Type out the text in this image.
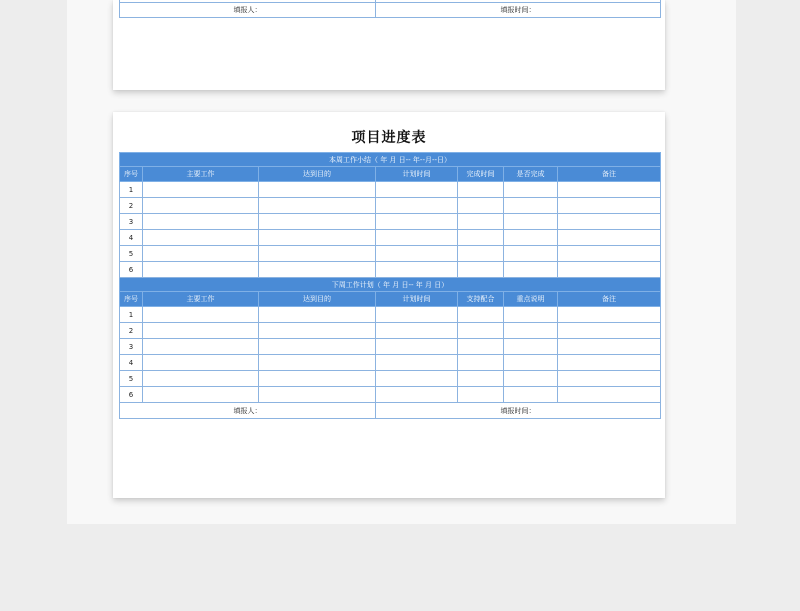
填报人：	填报时间：
项目进度表
本周工作小结（ 年 月 日-- 年--月--日）						
序号	主要工作	达到目的	计划时间	完成时间	是否完成	备注
1						
2						
3						
4						
5						
6						
下周工作计划（ 年 月 日-- 年 月 日）						
序号	主要工作	达到目的	计划时间	支持配合	重点说明	备注
1						
2						
3						
4						
5						
6						
填报人：			填报时间：			
